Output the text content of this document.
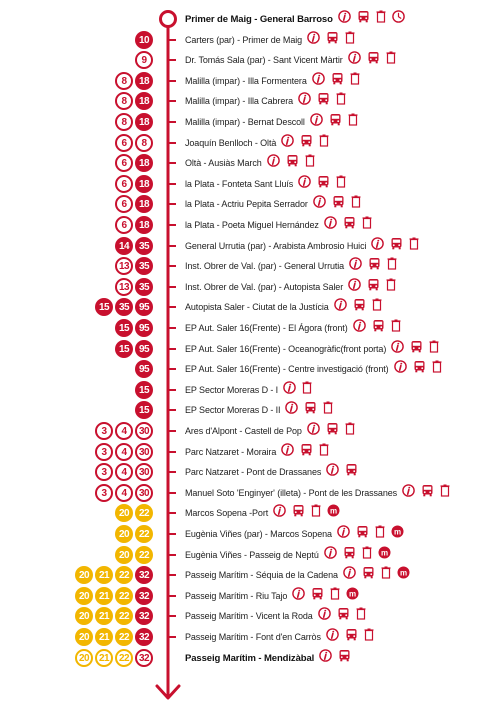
Primer de Maig - General Barroso
10	Carters (par) - Primer de Maig
9	Dr. Tomás Sala (par) - Sant Vicent Màrtir
8	18	Malilla (impar) - Illa Formentera
8	18	Malilla (impar) - Illa Cabrera
8	18	Malilla (impar) - Bernat Descoll
6	8	Joaquín Benlloch - Oltà
6	18	Oltà - Ausiàs March
6	18	la Plata - Fonteta Sant Lluís
6	18	la Plata - Actriu Pepita Serrador
6	18	la Plata - Poeta Miguel Hernández
14	35	General Urrutia (par) - Arabista Ambrosio Huici
13	35	Inst. Obrer de Val. (par) - General Urrutia
13	35	Inst. Obrer de Val. (par) - Autopista Saler
15	35	95	Autopista Saler - Ciutat de la Justícia
15	95	EP Aut. Saler 16(Frente) - El Ágora (front)
15	95	EP Aut. Saler 16(Frente) - Oceanogràfic(front porta)
95	EP Aut. Saler 16(Frente) - Centre investigació (front)
15	EP Sector Moreras D - I
15	EP Sector Moreras D - II
3	4	30	Ares d'Alpont - Castell de Pop
3	4	30	Parc Natzaret - Moraira
3	4	30	Parc Natzaret - Pont de Drassanes
3	4	30	Manuel Soto 'Enginyer' (illeta) - Pont de les Drassanes
20	22	Marcos Sopena -Port	m
20	22	Eugènia Viñes (par) - Marcos Sopena	m
20	22	Eugènia Viñes - Passeig de Neptú	m
20	21	22	32	Passeig Marítim - Séquia de la Cadena	m
20	21	22	32	Passeig Marítim - Riu Tajo	m
20	21	22	32	Passeig Marítim - Vicent la Roda
20	21	22	32	Passeig Marítim - Font d'en Carròs
20	21	22	32	Passeig Marítim - Mendizàbal
